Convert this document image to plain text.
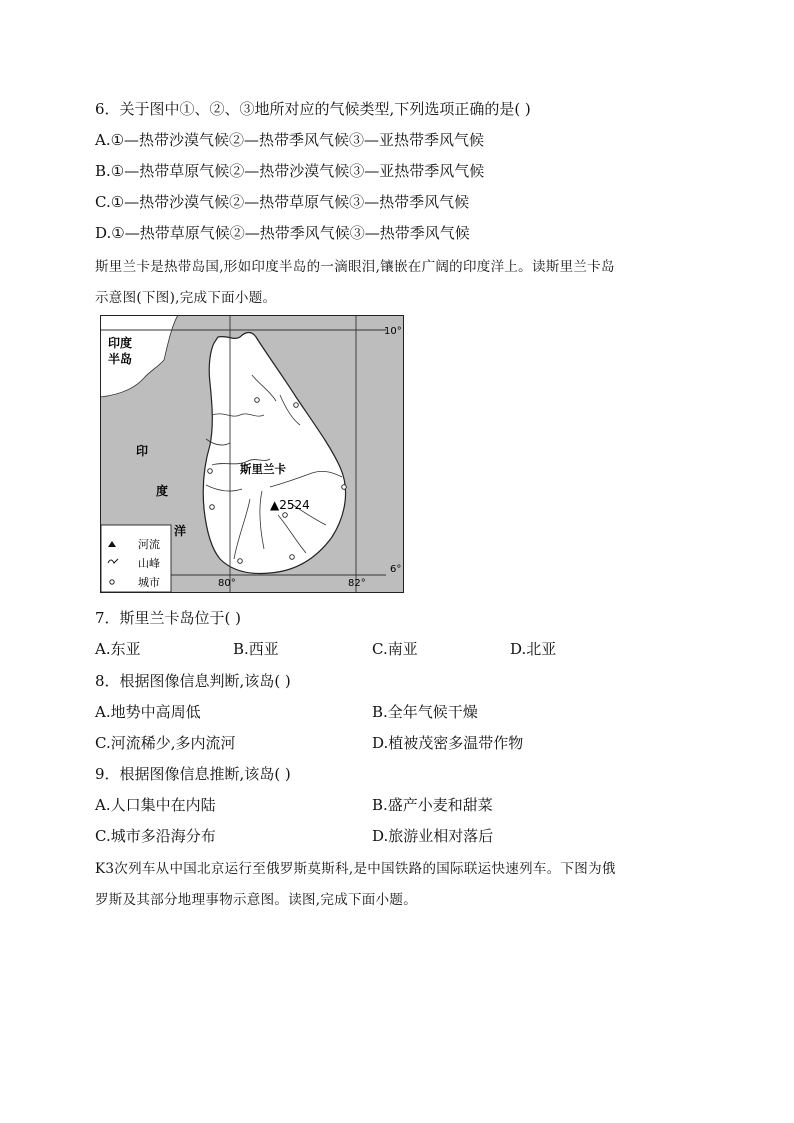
6．关于图中①、②、③地所对应的气候类型,下列选项正确的是( )
A.①—热带沙漠气候②—热带季风气候③—亚热带季风气候
B.①—热带草原气候②—热带沙漠气候③—亚热带季风气候
C.①—热带沙漠气候②—热带草原气候③—热带季风气候
D.①—热带草原气候②—热带季风气候③—热带季风气候
斯里兰卡是热带岛国,形如印度半岛的一滴眼泪,镶嵌在广阔的印度洋上。读斯里兰卡岛
示意图(下图),完成下面小题。
10°
6°
80°	82°
印度
半岛
印
度
洋
斯里兰卡
▲2524
河流
山峰
城市
7．斯里兰卡岛位于( )
A.东亚	B.西亚	C.南亚	D.北亚
8．根据图像信息判断,该岛( )
A.地势中高周低	B.全年气候干燥
C.河流稀少,多内流河	D.植被茂密多温带作物
9．根据图像信息推断,该岛( )
A.人口集中在内陆	B.盛产小麦和甜菜
C.城市多沿海分布	D.旅游业相对落后
K3次列车从中国北京运行至俄罗斯莫斯科,是中国铁路的国际联运快速列车。下图为俄
罗斯及其部分地理事物示意图。读图,完成下面小题。
